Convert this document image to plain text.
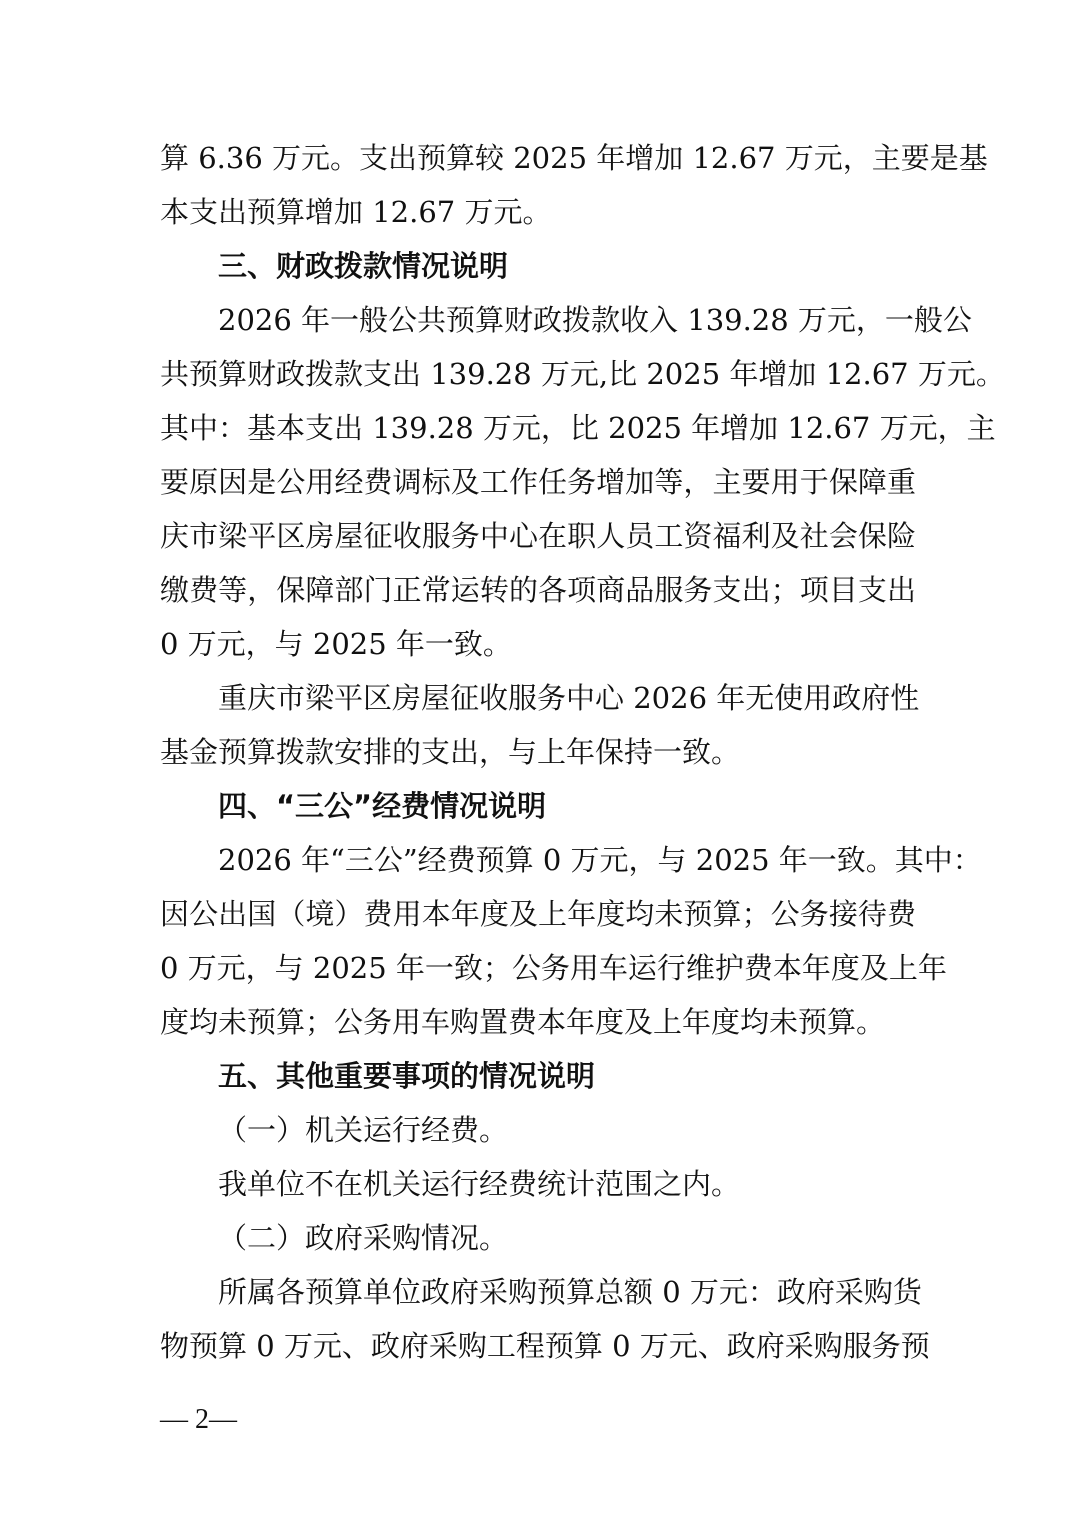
算 6.36 万元。支出预算较 2025 年增加 12.67 万元，主要是基
本支出预算增加 12.67 万元。
三、财政拨款情况说明
2026 年一般公共预算财政拨款收入 139.28 万元，一般公
共预算财政拨款支出 139.28 万元,比 2025 年增加 12.67 万元。
其中：基本支出 139.28 万元，比 2025 年增加 12.67 万元，主
要原因是公用经费调标及工作任务增加等，主要用于保障重
庆市梁平区房屋征收服务中心在职人员工资福利及社会保险
缴费等，保障部门正常运转的各项商品服务支出；项目支出
0 万元，与 2025 年一致。
重庆市梁平区房屋征收服务中心 2026 年无使用政府性
基金预算拨款安排的支出，与上年保持一致。
四、“三公”经费情况说明
2026 年“三公”经费预算 0 万元，与 2025 年一致。其中：
因公出国（境）费用本年度及上年度均未预算；公务接待费
0 万元，与 2025 年一致；公务用车运行维护费本年度及上年
度均未预算；公务用车购置费本年度及上年度均未预算。
五、其他重要事项的情况说明
（一）机关运行经费。
我单位不在机关运行经费统计范围之内。
（二）政府采购情况。
所属各预算单位政府采购预算总额 0 万元：政府采购货
物预算 0 万元、政府采购工程预算 0 万元、政府采购服务预
— 2—
